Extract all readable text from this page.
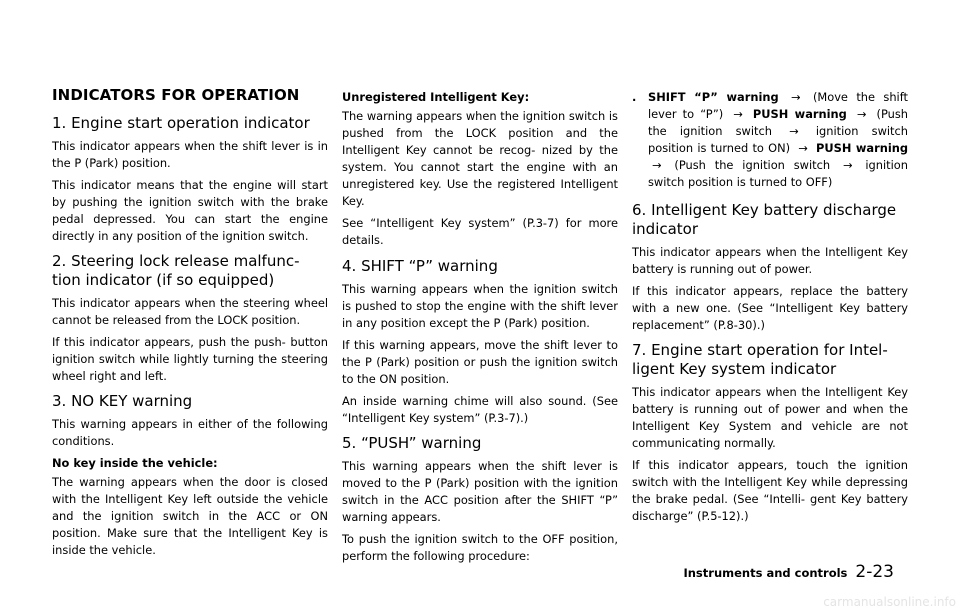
INDICATORS FOR OPERATION
1. Engine start operation indicator

This indicator appears when the shift lever is in the P (Park) position.

This indicator means that the engine will start by pushing the ignition switch with the brake pedal depressed. You can start the engine directly in any position of the ignition switch.

2. Steering lock release malfunc- tion indicator (if so equipped)

This indicator appears when the steering wheel cannot be released from the LOCK position.

If this indicator appears, push the push- button ignition switch while lightly turning the steering wheel right and left.

3. NO KEY warning

This warning appears in either of the following conditions.

No key inside the vehicle:

The warning appears when the door is closed with the Intelligent Key left outside the vehicle and the ignition switch in the ACC or ON position. Make sure that the Intelligent Key is inside the vehicle.

Unregistered Intelligent Key:

The warning appears when the ignition switch is pushed from the LOCK position and the Intelligent Key cannot be recog- nized by the system. You cannot start the engine with an unregistered key. Use the registered Intelligent Key.

See “Intelligent Key system” (P.3-7) for more details.

4. SHIFT “P” warning

This warning appears when the ignition switch is pushed to stop the engine with the shift lever in any position except the P (Park) position.

If this warning appears, move the shift lever to the P (Park) position or push the ignition switch to the ON position.

An inside warning chime will also sound. (See “Intelligent Key system” (P.3-7).)

5. “PUSH” warning

This warning appears when the shift lever is moved to the P (Park) position with the ignition switch in the ACC position after the SHIFT “P” warning appears.

To push the ignition switch to the OFF position, perform the following procedure:

.	SHIFT “P” warning → (Move the shift lever to “P”) → PUSH warning → (Push the ignition switch → ignition switch position is turned to ON) → PUSH warning → (Push the ignition switch → ignition switch position is turned to OFF)
6. Intelligent Key battery discharge indicator

This indicator appears when the Intelligent Key battery is running out of power.

If this indicator appears, replace the battery with a new one. (See “Intelligent Key battery replacement” (P.8-30).)

7. Engine start operation for Intel- ligent Key system indicator

This indicator appears when the Intelligent Key battery is running out of power and when the Intelligent Key System and vehicle are not communicating normally.

If this indicator appears, touch the ignition switch with the Intelligent Key while depressing the brake pedal. (See “Intelli- gent Key battery discharge” (P.5-12).)

Instruments and controls 2-23
carmanualsonline.info
